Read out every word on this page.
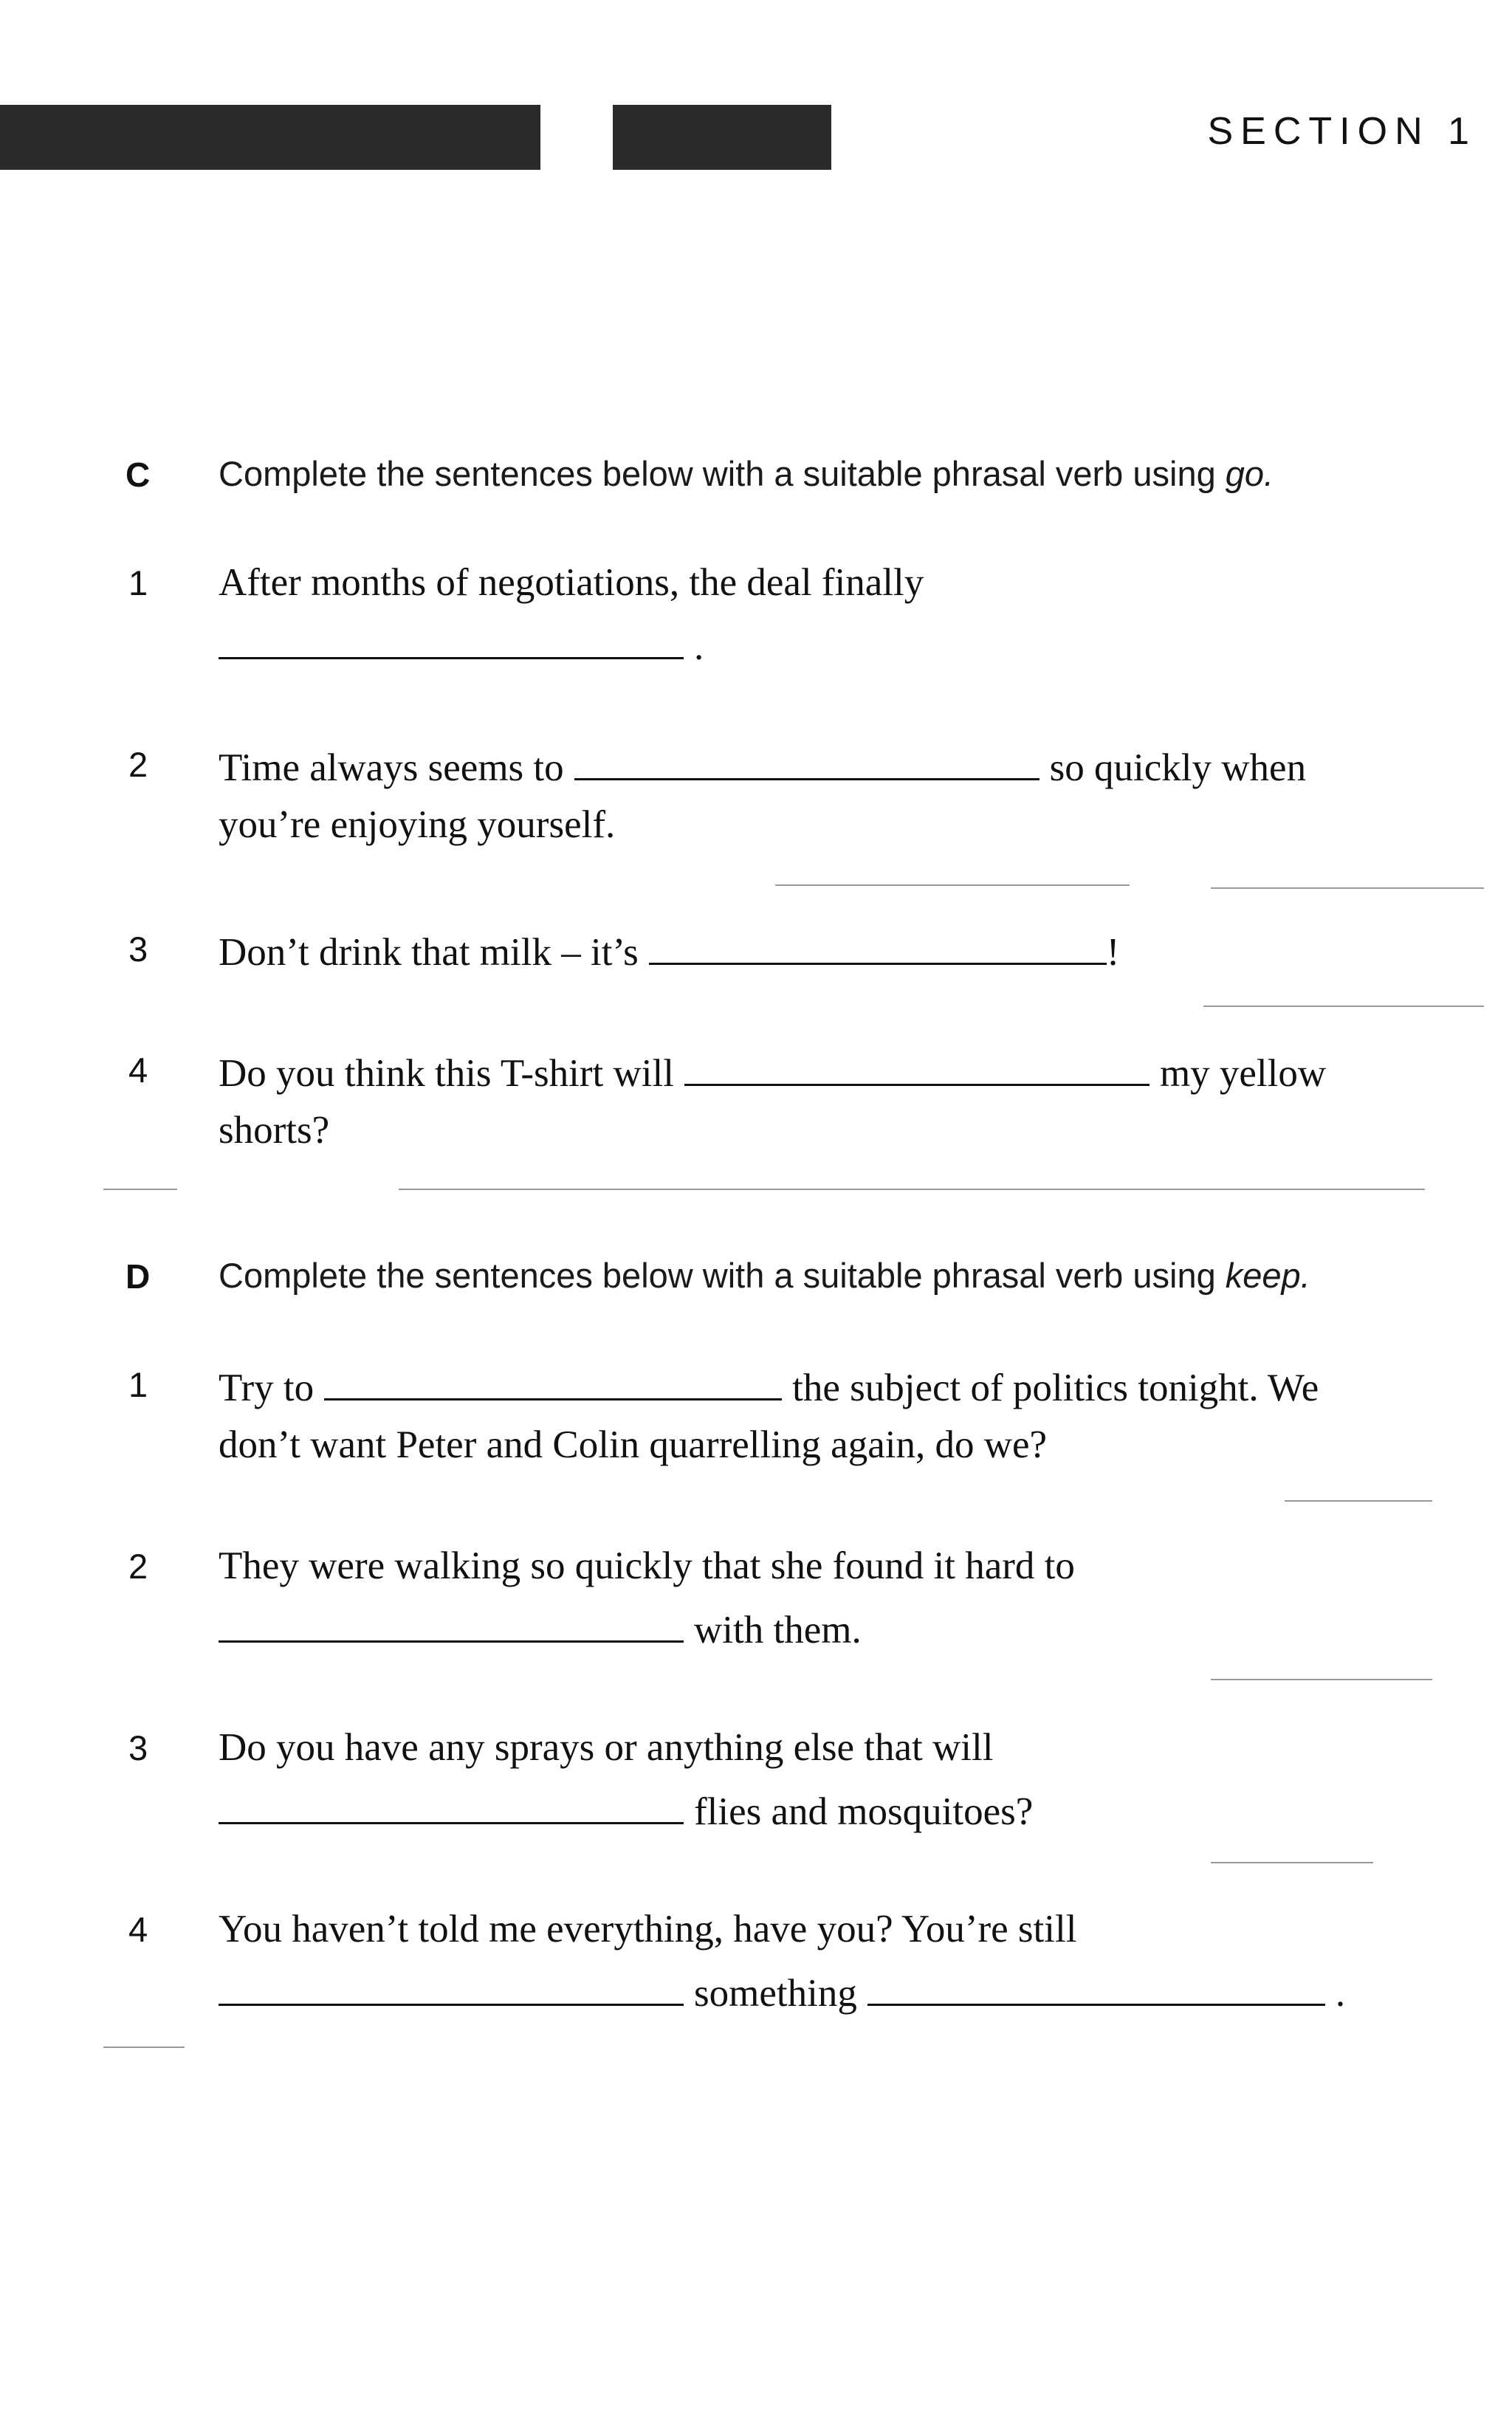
SECTION 1
C Complete the sentences below with a suitable phrasal verb using go.
1 After months of negotiations, the deal finally
.
2 Time always seems to	so quickly when
you’re enjoying yourself.
3 Don’t drink that milk – it’s	!
4 Do you think this T-shirt will	my yellow
shorts?
D Complete the sentences below with a suitable phrasal verb using keep.
1 Try to	the subject of politics tonight. We
don’t want Peter and Colin quarrelling again, do we?
2 They were walking so quickly that she found it hard to
with them.
3 Do you have any sprays or anything else that will
flies and mosquitoes?
4 You haven’t told me everything, have you? You’re still
something	.
